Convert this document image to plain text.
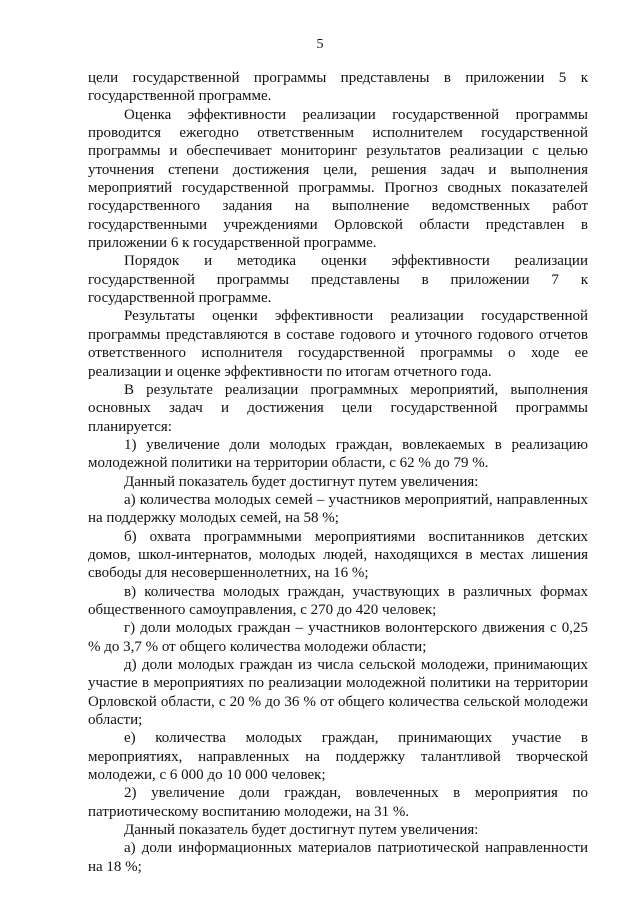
5

цели государственной программы представлены в приложении 5 к государственной программе.

Оценка эффективности реализации государственной программы проводится ежегодно ответственным исполнителем государственной программы и обеспечивает мониторинг результатов реализации с целью уточнения степени достижения цели, решения задач и выполнения мероприятий государственной программы. Прогноз сводных показателей государственного задания на выполнение ведомственных работ государственными учреждениями Орловской области представлен в приложении 6 к государственной программе.

Порядок и методика оценки эффективности реализации государственной программы представлены в приложении 7 к государственной программе.

Результаты оценки эффективности реализации государственной программы представляются в составе годового и уточного годового отчетов ответственного исполнителя государственной программы о ходе ее реализации и оценке эффективности по итогам отчетного года.

В результате реализации программных мероприятий, выполнения основных задач и достижения цели государственной программы планируется:

1) увеличение доли молодых граждан, вовлекаемых в реализацию молодежной политики на территории области, с 62 % до 79 %.

Данный показатель будет достигнут путем увеличения:

а) количества молодых семей – участников мероприятий, направленных на поддержку молодых семей, на 58 %;

б) охвата программными мероприятиями воспитанников детских домов, школ-интернатов, молодых людей, находящихся в местах лишения свободы для несовершеннолетних, на 16 %;

в) количества молодых граждан, участвующих в различных формах общественного самоуправления, с 270 до 420 человек;

г) доли молодых граждан – участников волонтерского движения с 0,25 % до 3,7 % от общего количества молодежи области;

д) доли молодых граждан из числа сельской молодежи, принимающих участие в мероприятиях по реализации молодежной политики на территории Орловской области, с 20 % до 36 % от общего количества сельской молодежи области;

е) количества молодых граждан, принимающих участие в мероприятиях, направленных на поддержку талантливой творческой молодежи, с 6 000 до 10 000 человек;

2) увеличение доли граждан, вовлеченных в мероприятия по патриотическому воспитанию молодежи, на 31 %.

Данный показатель будет достигнут путем увеличения:

а) доли информационных материалов патриотической направленности на 18 %;
